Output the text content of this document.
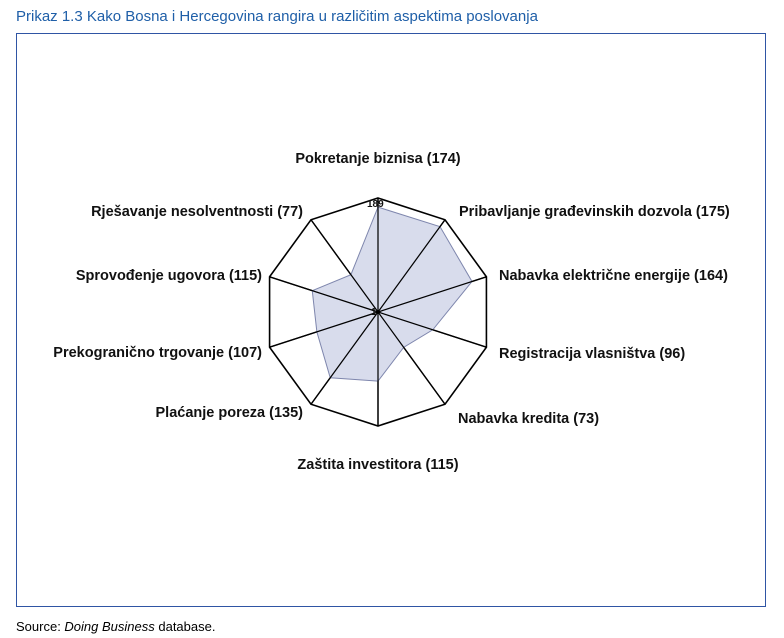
Prikaz 1.3 Kako Bosna i Hercegovina rangira u različitim aspektima poslovanja
Pokretanje biznisa (174)
Pribavljanje građevinskih dozvola (175)
Nabavka električne energije (164)
Registracija vlasništva (96)
Nabavka kredita (73)
Zaštita investitora (115)
Plaćanje poreza (135)
Prekogranično trgovanje (107)
Sprovođenje ugovora (115)
Rješavanje nesolventnosti (77)	189
1
Source: Doing Business database.
